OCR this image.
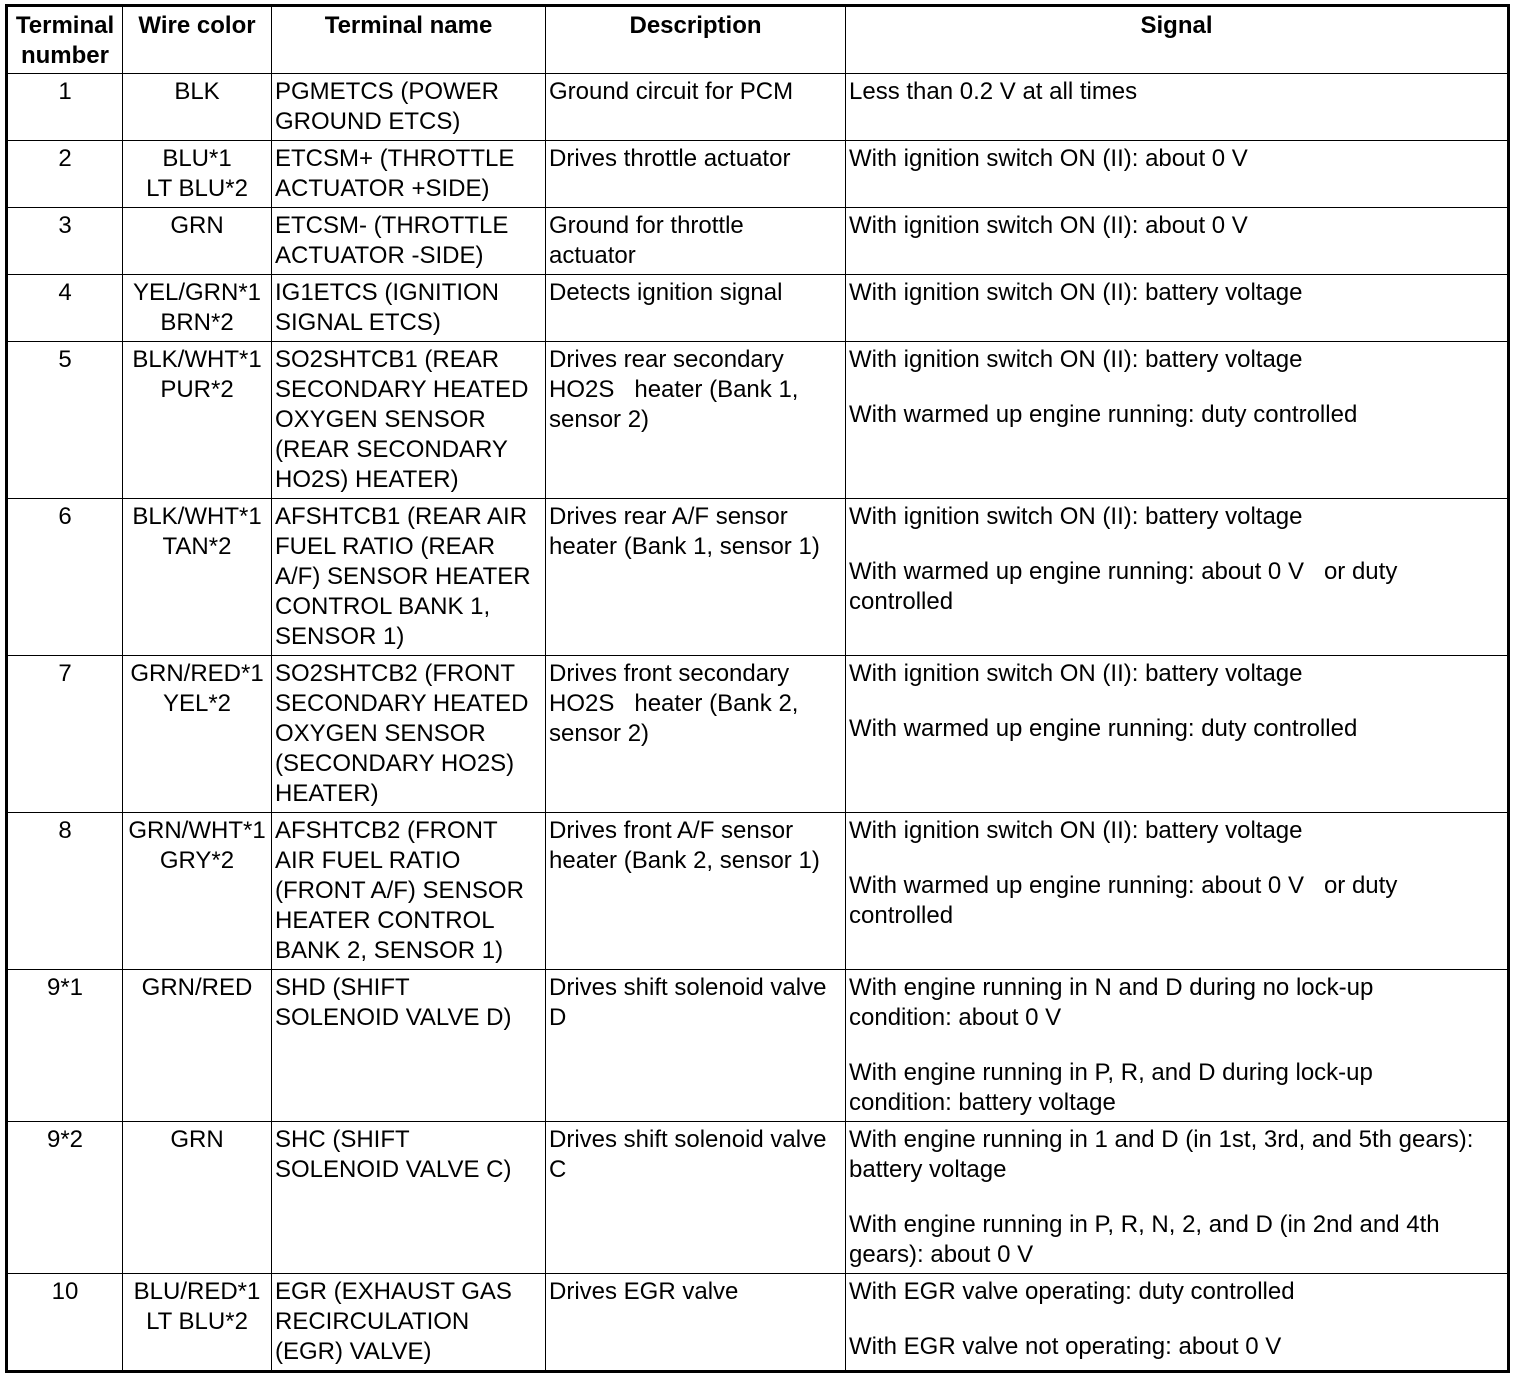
Terminal
number	Wire color	Terminal name	Description	Signal

1	BLK	PGMETCS (POWER
GROUND ETCS)	Ground circuit for PCM	Less than 0.2 V at all times

2	BLU*1
LT BLU*2	ETCSM+ (THROTTLE
ACTUATOR +SIDE)	Drives throttle actuator	With ignition switch ON (II): about 0 V

3	GRN	ETCSM- (THROTTLE
ACTUATOR -SIDE)	Ground for throttle
actuator	With ignition switch ON (II): about 0 V

4	YEL/GRN*1
BRN*2	IG1ETCS (IGNITION
SIGNAL ETCS)	Detects ignition signal	With ignition switch ON (II): battery voltage

5	BLK/WHT*1
PUR*2	SO2SHTCB1 (REAR
SECONDARY HEATED
OXYGEN SENSOR
(REAR SECONDARY
HO2S) HEATER)	Drives rear secondary
HO2S   heater (Bank 1,
sensor 2)	With ignition switch ON (II): battery voltage
With warmed up engine running: duty controlled

6	BLK/WHT*1
TAN*2	AFSHTCB1 (REAR AIR
FUEL RATIO (REAR
A/F) SENSOR HEATER
CONTROL BANK 1,
SENSOR 1)	Drives rear A/F sensor
heater (Bank 1, sensor 1)	With ignition switch ON (II): battery voltage
With warmed up engine running: about 0 V   or duty
controlled

7	GRN/RED*1
YEL*2	SO2SHTCB2 (FRONT
SECONDARY HEATED
OXYGEN SENSOR
(SECONDARY HO2S)
HEATER)	Drives front secondary
HO2S   heater (Bank 2,
sensor 2)	With ignition switch ON (II): battery voltage
With warmed up engine running: duty controlled

8	GRN/WHT*1
GRY*2	AFSHTCB2 (FRONT
AIR FUEL RATIO
(FRONT A/F) SENSOR
HEATER CONTROL
BANK 2, SENSOR 1)	Drives front A/F sensor
heater (Bank 2, sensor 1)	With ignition switch ON (II): battery voltage
With warmed up engine running: about 0 V   or duty
controlled

9*1	GRN/RED	SHD (SHIFT
SOLENOID VALVE D)	Drives shift solenoid valve
D	With engine running in N and D during no lock-up
condition: about 0 V
With engine running in P, R, and D during lock-up
condition: battery voltage

9*2	GRN	SHC (SHIFT
SOLENOID VALVE C)	Drives shift solenoid valve
C	With engine running in 1 and D (in 1st, 3rd, and 5th gears):
battery voltage
With engine running in P, R, N, 2, and D (in 2nd and 4th
gears): about 0 V

10	BLU/RED*1
LT BLU*2	EGR (EXHAUST GAS
RECIRCULATION
(EGR) VALVE)	Drives EGR valve	With EGR valve operating: duty controlled
With EGR valve not operating: about 0 V
